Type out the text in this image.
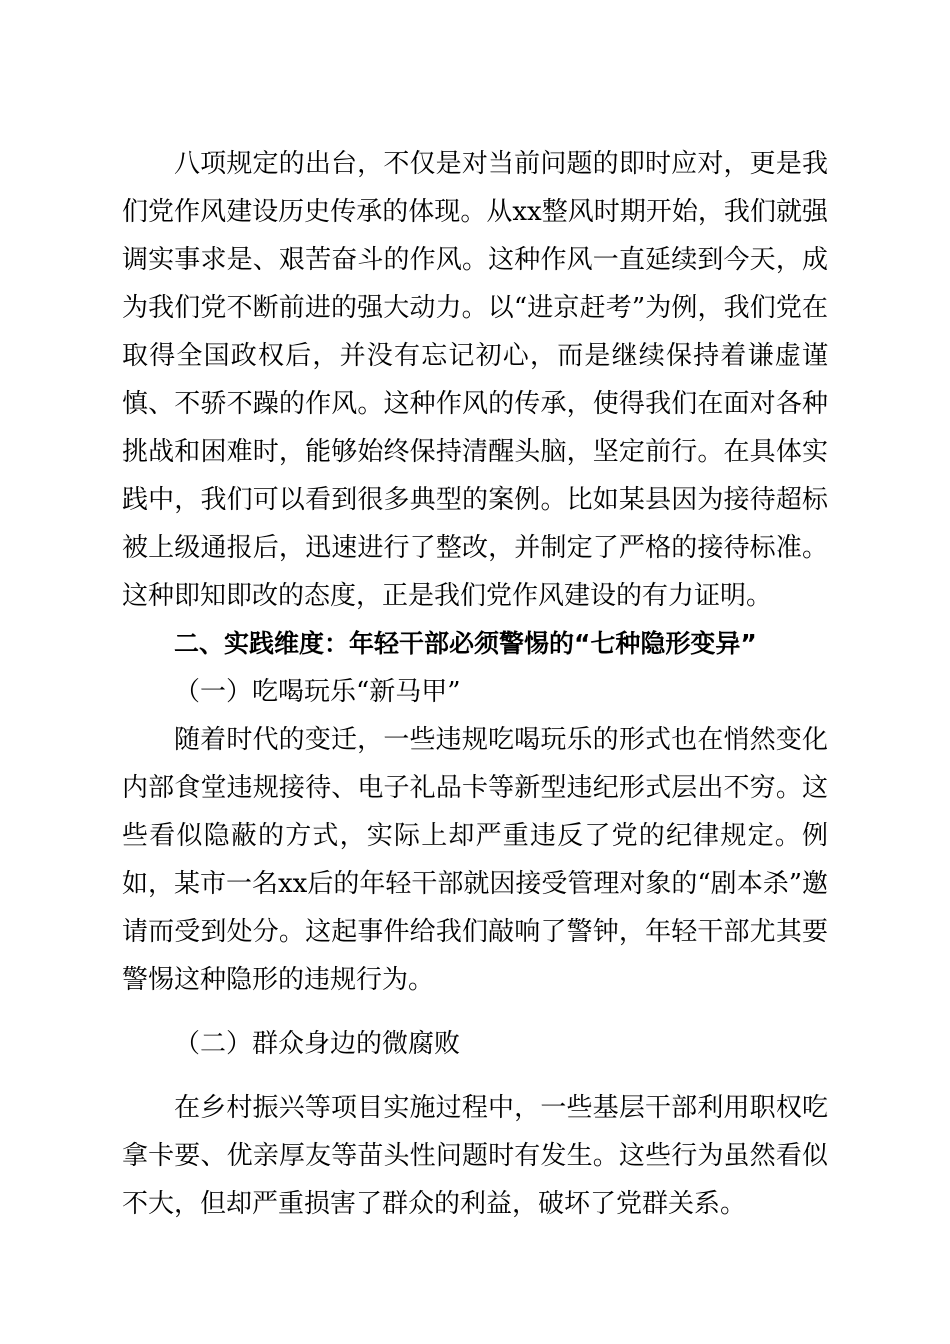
八项规定的出台，不仅是对当前问题的即时应对，更是我们党作风建设历史传承的体现。从xx整风时期开始，我们就强调实事求是、艰苦奋斗的作风。这种作风一直延续到今天，成为我们党不断前进的强大动力。以“进京赶考”为例，我们党在取得全国政权后，并没有忘记初心，而是继续保持着谦虚谨慎、不骄不躁的作风。这种作风的传承，使得我们在面对各种挑战和困难时，能够始终保持清醒头脑，坚定前行。在具体实践中，我们可以看到很多典型的案例。比如某县因为接待超标被上级通报后，迅速进行了整改，并制定了严格的接待标准。这种即知即改的态度，正是我们党作风建设的有力证明。

二、实践维度：年轻干部必须警惕的“七种隐形变异”

（一）吃喝玩乐“新马甲”

随着时代的变迁，一些违规吃喝玩乐的形式也在悄然变化内部食堂违规接待、电子礼品卡等新型违纪形式层出不穷。这些看似隐蔽的方式，实际上却严重违反了党的纪律规定。例如，某市一名xx后的年轻干部就因接受管理对象的“剧本杀”邀请而受到处分。这起事件给我们敲响了警钟，年轻干部尤其要警惕这种隐形的违规行为。

（二）群众身边的微腐败

在乡村振兴等项目实施过程中，一些基层干部利用职权吃拿卡要、优亲厚友等苗头性问题时有发生。这些行为虽然看似不大，但却严重损害了群众的利益，破坏了党群关系。
